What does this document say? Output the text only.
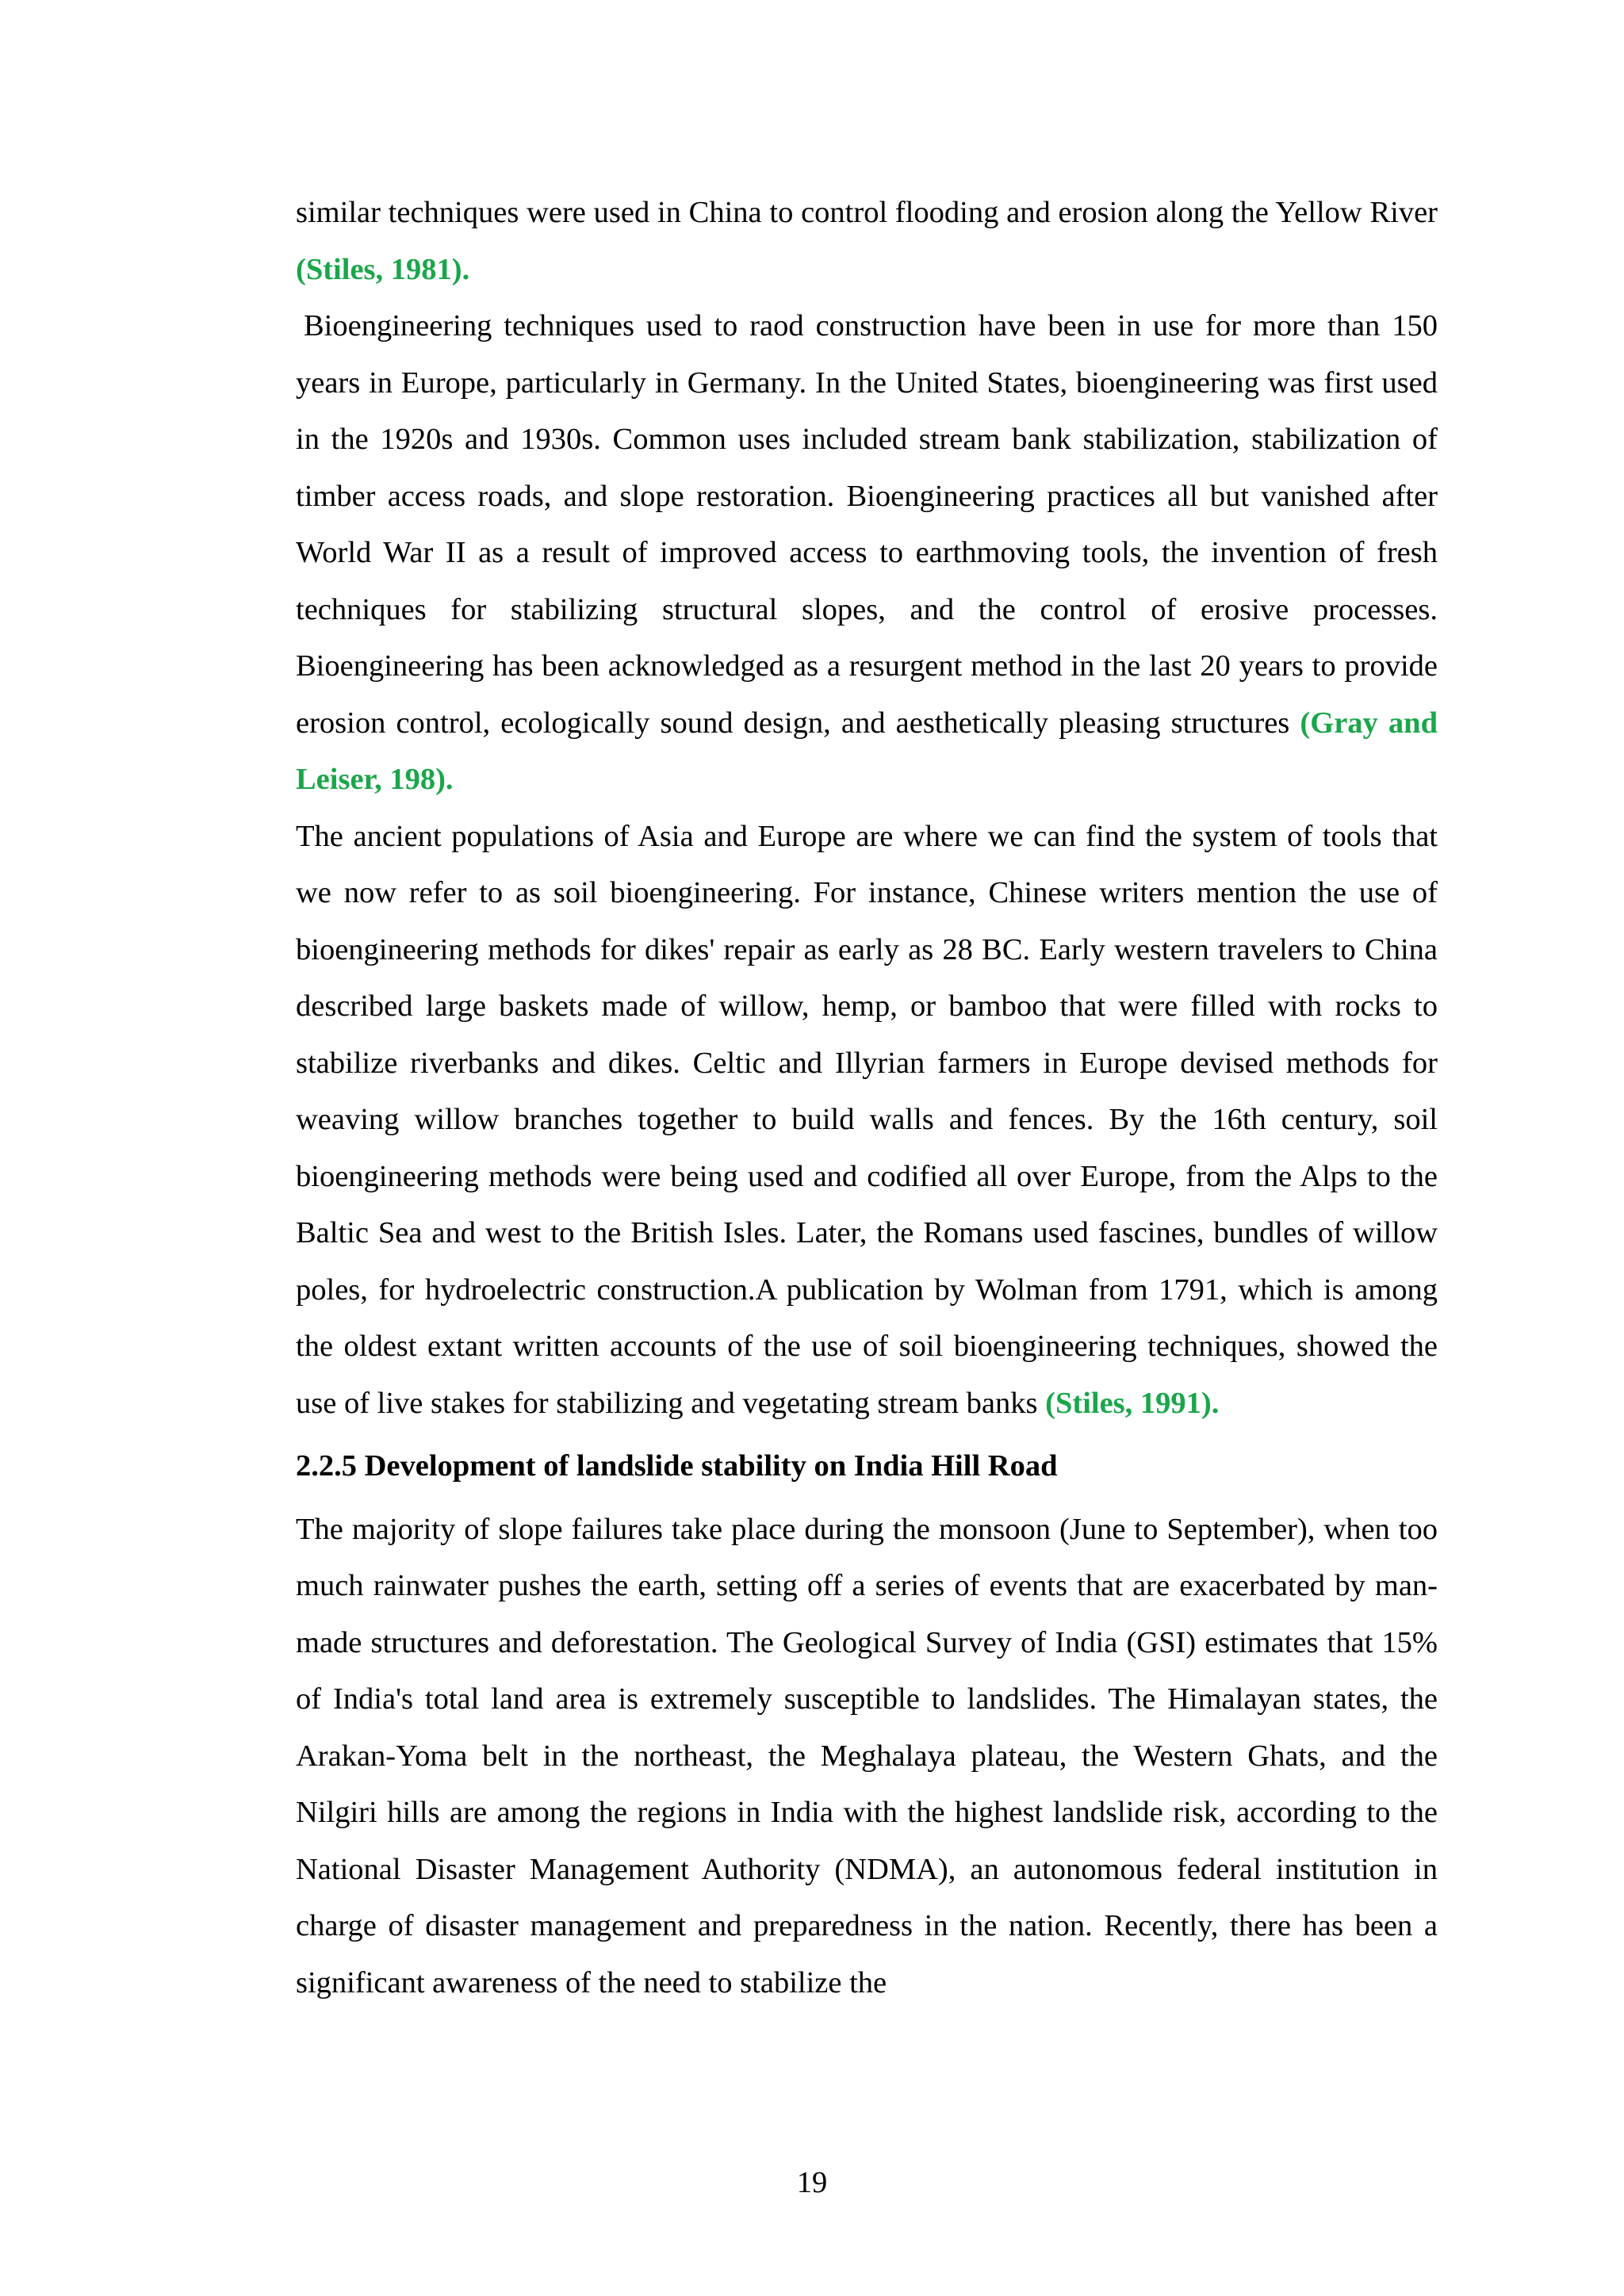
similar techniques were used in China to control flooding and erosion along the Yellow River (Stiles, 1981).

Bioengineering techniques used to raod construction have been in use for more than 150 years in Europe, particularly in Germany. In the United States, bioengineering was first used in the 1920s and 1930s. Common uses included stream bank stabilization, stabilization of timber access roads, and slope restoration. Bioengineering practices all but vanished after World War II as a result of improved access to earthmoving tools, the invention of fresh techniques for stabilizing structural slopes, and the control of erosive processes. Bioengineering has been acknowledged as a resurgent method in the last 20 years to provide erosion control, ecologically sound design, and aesthetically pleasing structures (Gray and Leiser, 198).

The ancient populations of Asia and Europe are where we can find the system of tools that we now refer to as soil bioengineering. For instance, Chinese writers mention the use of bioengineering methods for dikes' repair as early as 28 BC. Early western travelers to China described large baskets made of willow, hemp, or bamboo that were filled with rocks to stabilize riverbanks and dikes. Celtic and Illyrian farmers in Europe devised methods for weaving willow branches together to build walls and fences. By the 16th century, soil bioengineering methods were being used and codified all over Europe, from the Alps to the Baltic Sea and west to the British Isles. Later, the Romans used fascines, bundles of willow poles, for hydroelectric construction.A publication by Wolman from 1791, which is among the oldest extant written accounts of the use of soil bioengineering techniques, showed the use of live stakes for stabilizing and vegetating stream banks (Stiles, 1991).

2.2.5 Development of landslide stability on India Hill Road

The majority of slope failures take place during the monsoon (June to September), when too much rainwater pushes the earth, setting off a series of events that are exacerbated by man-made structures and deforestation. The Geological Survey of India (GSI) estimates that 15% of India's total land area is extremely susceptible to landslides. The Himalayan states, the Arakan-Yoma belt in the northeast, the Meghalaya plateau, the Western Ghats, and the Nilgiri hills are among the regions in India with the highest landslide risk, according to the National Disaster Management Authority (NDMA), an autonomous federal institution in charge of disaster management and preparedness in the nation. Recently, there has been a significant awareness of the need to stabilize the

19
